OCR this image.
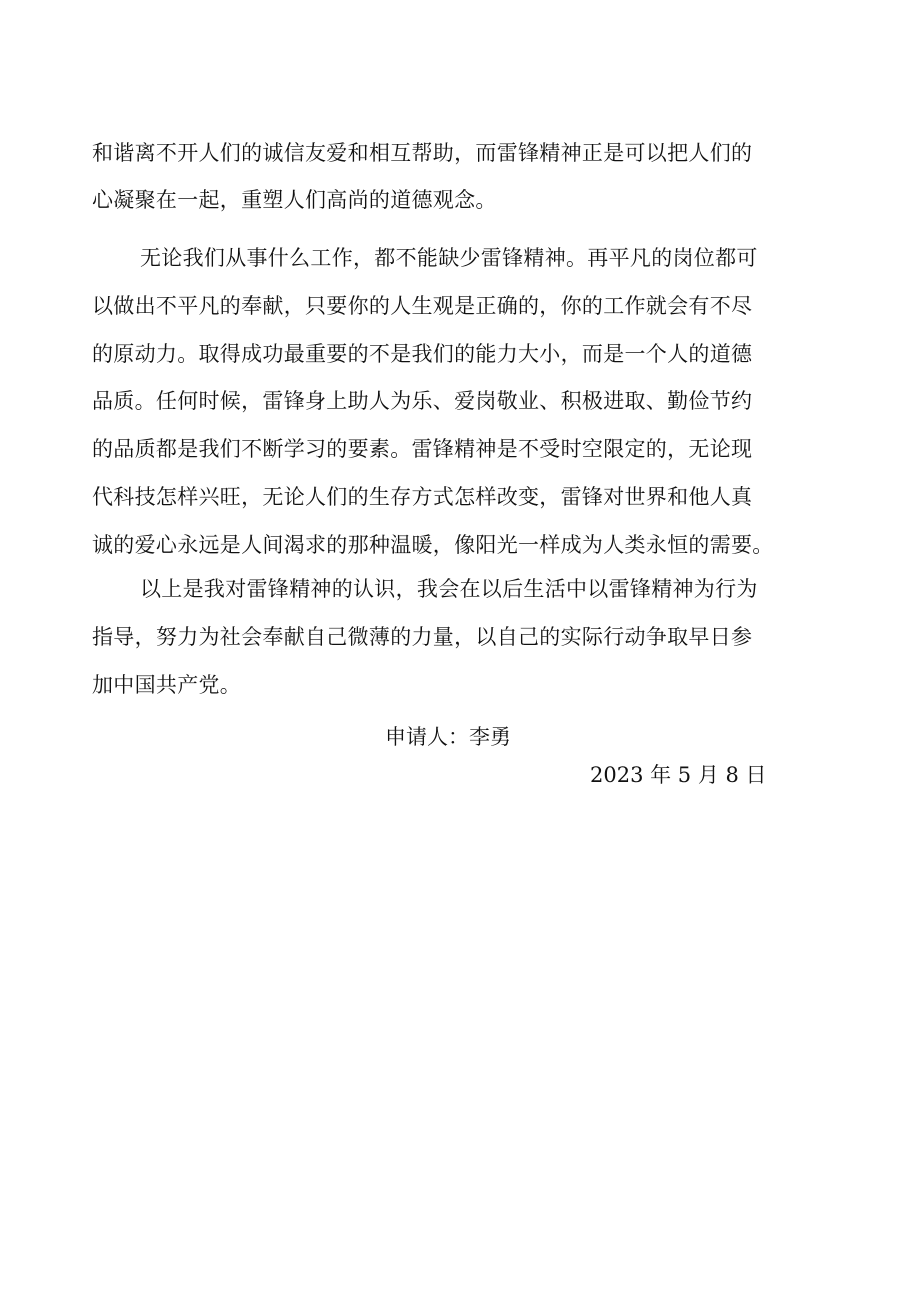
和谐离不开人们的诚信友爱和相互帮助，而雷锋精神正是可以把人们的
心凝聚在一起，重塑人们高尚的道德观念。
无论我们从事什么工作，都不能缺少雷锋精神。再平凡的岗位都可
以做出不平凡的奉献，只要你的人生观是正确的，你的工作就会有不尽
的原动力。取得成功最重要的不是我们的能力大小，而是一个人的道德
品质。任何时候，雷锋身上助人为乐、爱岗敬业、积极进取、勤俭节约
的品质都是我们不断学习的要素。雷锋精神是不受时空限定的，无论现
代科技怎样兴旺，无论人们的生存方式怎样改变，雷锋对世界和他人真
诚的爱心永远是人间渴求的那种温暖，像阳光一样成为人类永恒的需要。
以上是我对雷锋精神的认识，我会在以后生活中以雷锋精神为行为
指导，努力为社会奉献自己微薄的力量，以自己的实际行动争取早日参
加中国共产党。
申请人：李勇
2023 年 5 月 8 日
